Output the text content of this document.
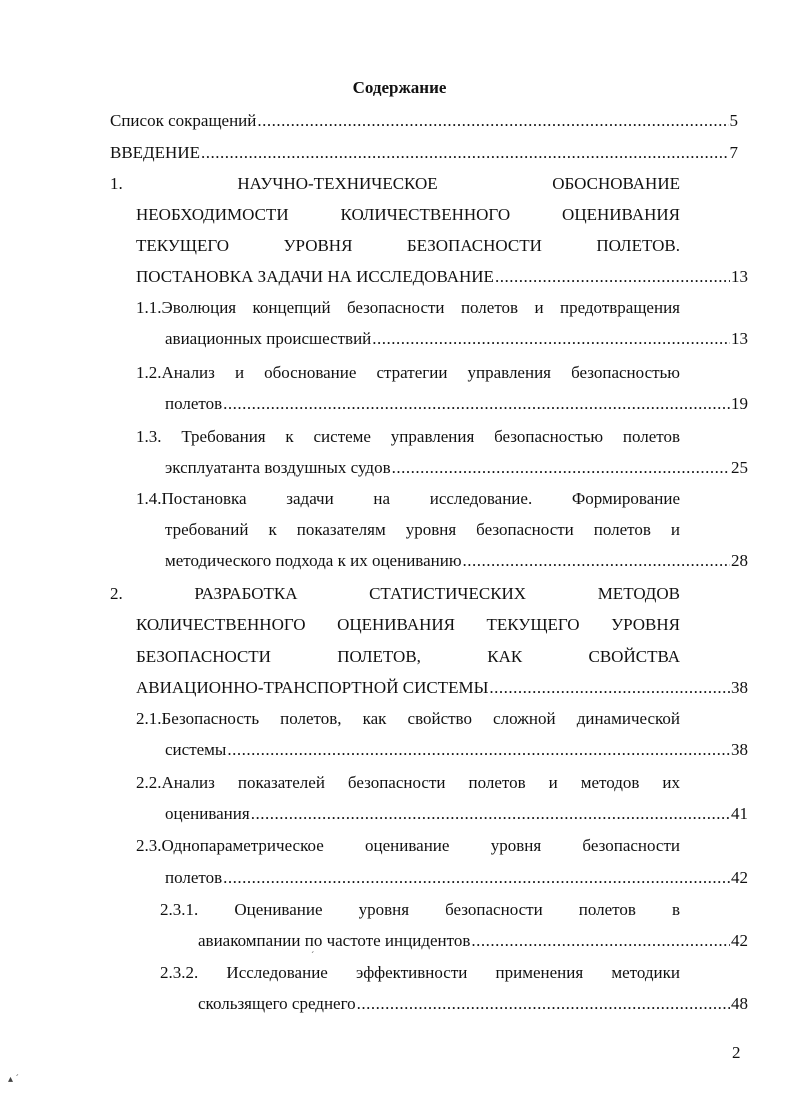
Содержание
Список сокращений .....	5
ВВЕДЕНИЕ .....	7
1. НАУЧНО-ТЕХНИЧЕСКОЕ ОБОСНОВАНИЕ
НЕОБХОДИМОСТИ КОЛИЧЕСТВЕННОГО ОЦЕНИВАНИЯ
ТЕКУЩЕГО УРОВНЯ БЕЗОПАСНОСТИ ПОЛЕТОВ.
ПОСТАНОВКА ЗАДАЧИ НА ИССЛЕДОВАНИЕ .....	13
1.1.Эволюция концепций безопасности полетов и предотвращения
авиационных происшествий .....	13
1.2.Анализ и обоснование стратегии управления безопасностью
полетов .....	19
1.3. Требования к системе управления безопасностью полетов
эксплуатанта воздушных судов .....	25
1.4.Постановка задачи на исследование. Формирование
требований к показателям уровня безопасности полетов и
методического подхода к их оцениванию .....	28
2. РАЗРАБОТКА СТАТИСТИЧЕСКИХ МЕТОДОВ
КОЛИЧЕСТВЕННОГО ОЦЕНИВАНИЯ ТЕКУЩЕГО УРОВНЯ
БЕЗОПАСНОСТИ ПОЛЕТОВ, КАК СВОЙСТВА
АВИАЦИОННО-ТРАНСПОРТНОЙ СИСТЕМЫ .....	38
2.1.Безопасность полетов, как свойство сложной динамической
системы .....	38
2.2.Анализ показателей безопасности полетов и методов их
оценивания .....	41
2.3.Однопараметрическое оценивание уровня безопасности
полетов .....	42
2.3.1. Оценивание уровня безопасности полетов в
авиакомпании по частоте инцидентов .....	42
2.3.2. Исследование эффективности применения методики
скользящего среднего .....	48
2
ˊ
▴ ˊ
